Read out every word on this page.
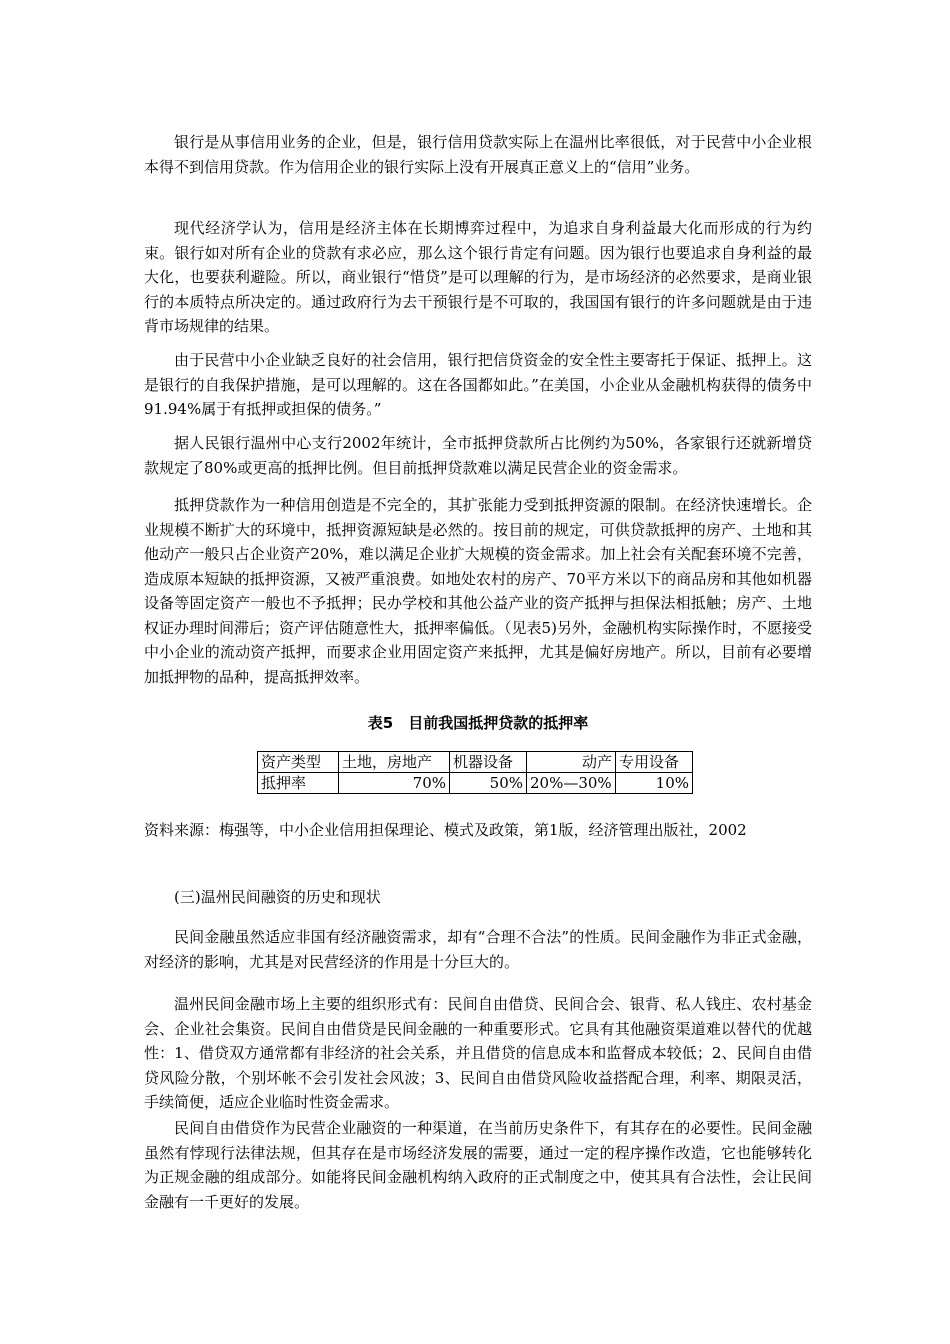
银行是从事信用业务的企业，但是，银行信用贷款实际上在温州比率很低，对于民营中小企业根本得不到信用贷款。作为信用企业的银行实际上没有开展真正意义上的“信用”业务。

现代经济学认为，信用是经济主体在长期博弈过程中，为追求自身利益最大化而形成的行为约束。银行如对所有企业的贷款有求必应，那么这个银行肯定有问题。因为银行也要追求自身利益的最大化，也要获利避险。所以，商业银行“惜贷”是可以理解的行为，是市场经济的必然要求，是商业银行的本质特点所决定的。通过政府行为去干预银行是不可取的，我国国有银行的许多问题就是由于违背市场规律的结果。

由于民营中小企业缺乏良好的社会信用，银行把信贷资金的安全性主要寄托于保证、抵押上。这是银行的自我保护措施，是可以理解的。这在各国都如此。”在美国，小企业从金融机构获得的债务中91.94%属于有抵押或担保的债务。”

据人民银行温州中心支行2002年统计，全市抵押贷款所占比例约为50%，各家银行还就新增贷款规定了80%或更高的抵押比例。但目前抵押贷款难以满足民营企业的资金需求。

抵押贷款作为一种信用创造是不完全的，其扩张能力受到抵押资源的限制。在经济快速增长。企业规模不断扩大的环境中，抵押资源短缺是必然的。按目前的规定，可供贷款抵押的房产、土地和其他动产一般只占企业资产20%，难以满足企业扩大规模的资金需求。加上社会有关配套环境不完善，造成原本短缺的抵押资源，又被严重浪费。如地处农村的房产、70平方米以下的商品房和其他如机器设备等固定资产一般也不予抵押；民办学校和其他公益产业的资产抵押与担保法相抵触；房产、土地权证办理时间滞后；资产评估随意性大，抵押率偏低。（见表5)另外，金融机构实际操作时，不愿接受中小企业的流动资产抵押，而要求企业用固定资产来抵押，尤其是偏好房地产。所以，目前有必要增加抵押物的品种，提高抵押效率。

表5　目前我国抵押贷款的抵押率
资产类型	土地，房地产	机器设备	动产	专用设备
抵押率	70%	50%	20%—30%	10%

资料来源：梅强等，中小企业信用担保理论、模式及政策，第1版，经济管理出版社，2002

(三)温州民间融资的历史和现状

民间金融虽然适应非国有经济融资需求，却有“合理不合法”的性质。民间金融作为非正式金融，对经济的影响，尤其是对民营经济的作用是十分巨大的。

温州民间金融市场上主要的组织形式有：民间自由借贷、民间合会、银背、私人钱庄、农村基金会、企业社会集资。民间自由借贷是民间金融的一种重要形式。它具有其他融资渠道难以替代的优越性：1、借贷双方通常都有非经济的社会关系，并且借贷的信息成本和监督成本较低；2、民间自由借贷风险分散，个别坏帐不会引发社会风波；3、民间自由借贷风险收益搭配合理，利率、期限灵活，手续简便，适应企业临时性资金需求。

民间自由借贷作为民营企业融资的一种渠道，在当前历史条件下，有其存在的必要性。民间金融虽然有悖现行法律法规，但其存在是市场经济发展的需要，通过一定的程序操作改造，它也能够转化为正规金融的组成部分。如能将民间金融机构纳入政府的正式制度之中，使其具有合法性，会让民间金融有一千更好的发展。
